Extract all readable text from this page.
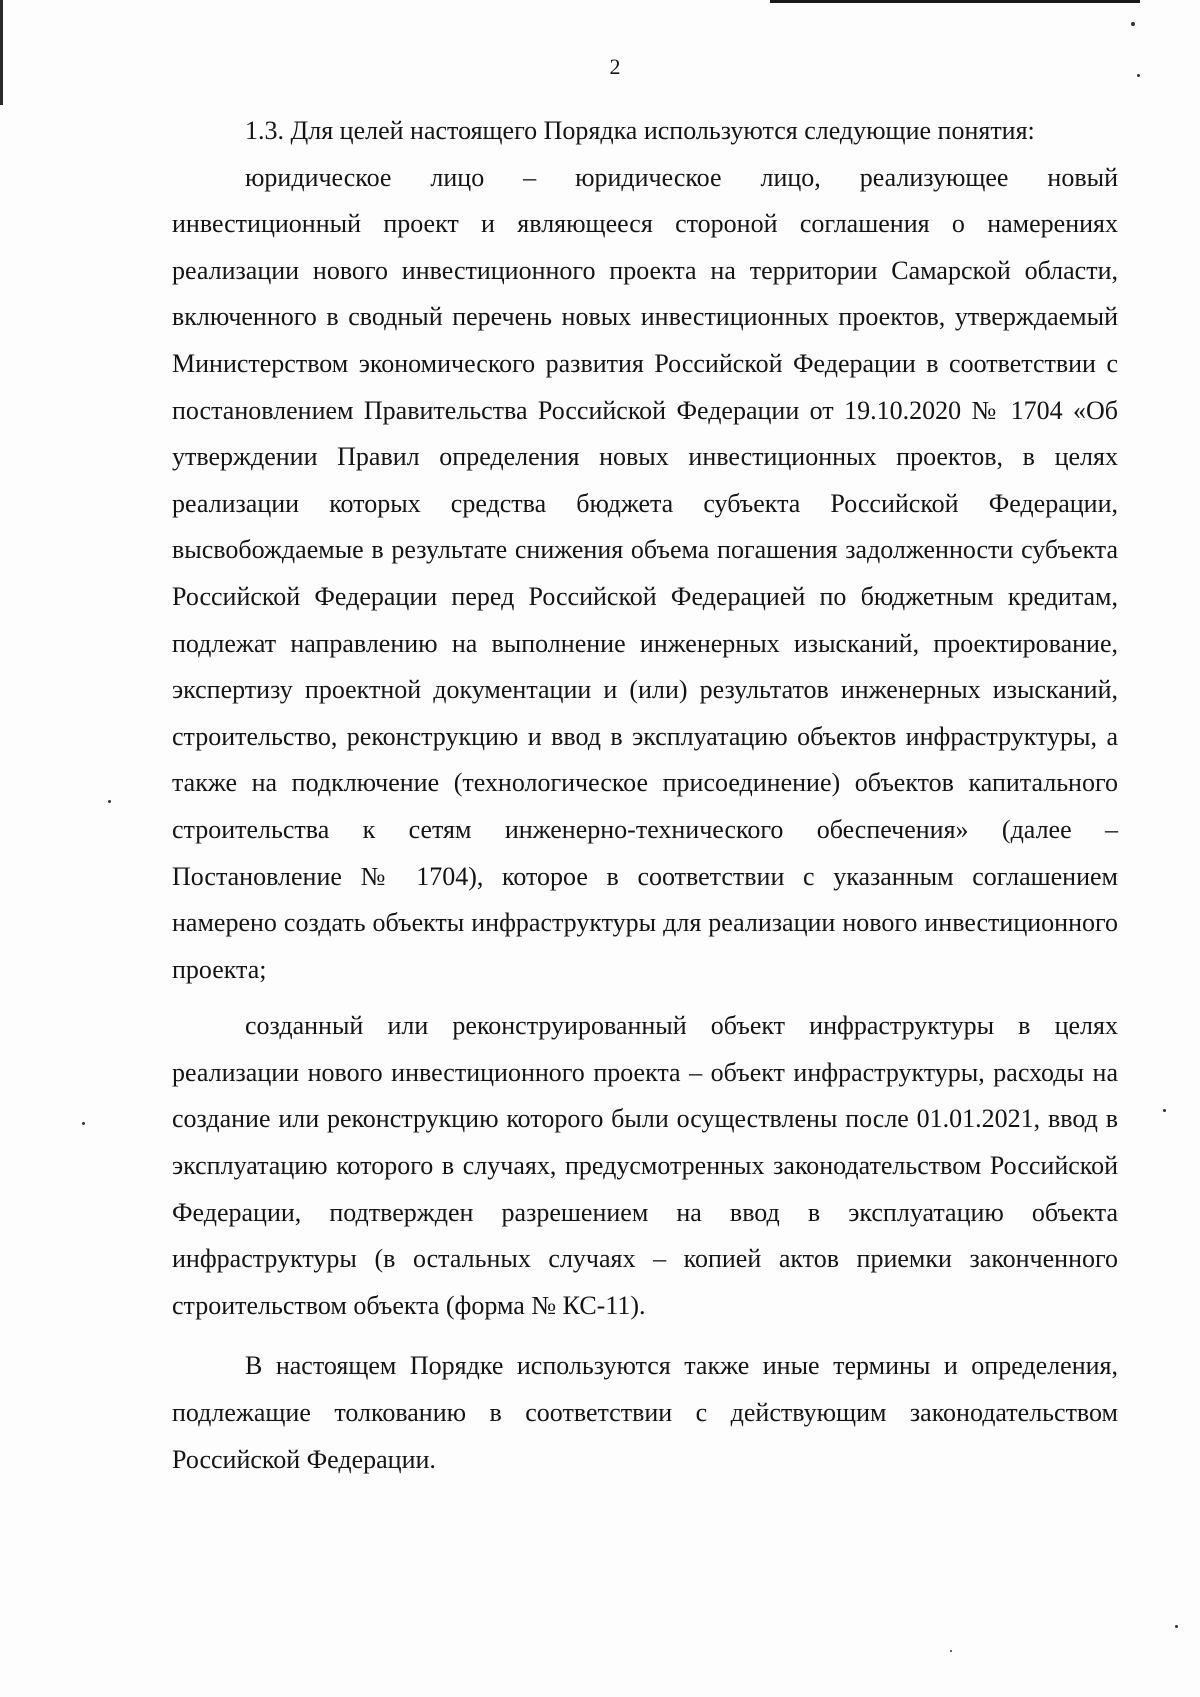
2

1.3. Для целей настоящего Порядка используются следующие понятия:

юридическое лицо – юридическое лицо, реализующее новый инвестиционный проект и являющееся стороной соглашения о намерениях реализации нового инвестиционного проекта на территории Самарской области, включенного в сводный перечень новых инвестиционных проектов, утверждаемый Министерством экономического развития Российской Федерации в соответствии с постановлением Правительства Российской Федерации от 19.10.2020 № 1704 «Об утверждении Правил определения новых инвестиционных проектов, в целях реализации которых средства бюджета субъекта Российской Федерации, высвобождаемые в результате снижения объема погашения задолженности субъекта Российской Федерации перед Российской Федерацией по бюджетным кредитам, подлежат направлению на выполнение инженерных изысканий, проектирование, экспертизу проектной документации и (или) результатов инженерных изысканий, строительство, реконструкцию и ввод в эксплуатацию объектов инфраструктуры, а также на подключение (технологическое присоединение) объектов капитального строительства к сетям инженерно-технического обеспечения» (далее – Постановление № 1704), которое в соответствии с указанным соглашением намерено создать объекты инфраструктуры для реализации нового инвестиционного проекта;

созданный или реконструированный объект инфраструктуры в целях реализации нового инвестиционного проекта – объект инфраструктуры, расходы на создание или реконструкцию которого были осуществлены после 01.01.2021, ввод в эксплуатацию которого в случаях, предусмотренных законодательством Российской Федерации, подтвержден разрешением на ввод в эксплуатацию объекта инфраструктуры (в остальных случаях – копией актов приемки законченного строительством объекта (форма № КС-11).

В настоящем Порядке используются также иные термины и определения, подлежащие толкованию в соответствии с действующим законодательством Российской Федерации.
